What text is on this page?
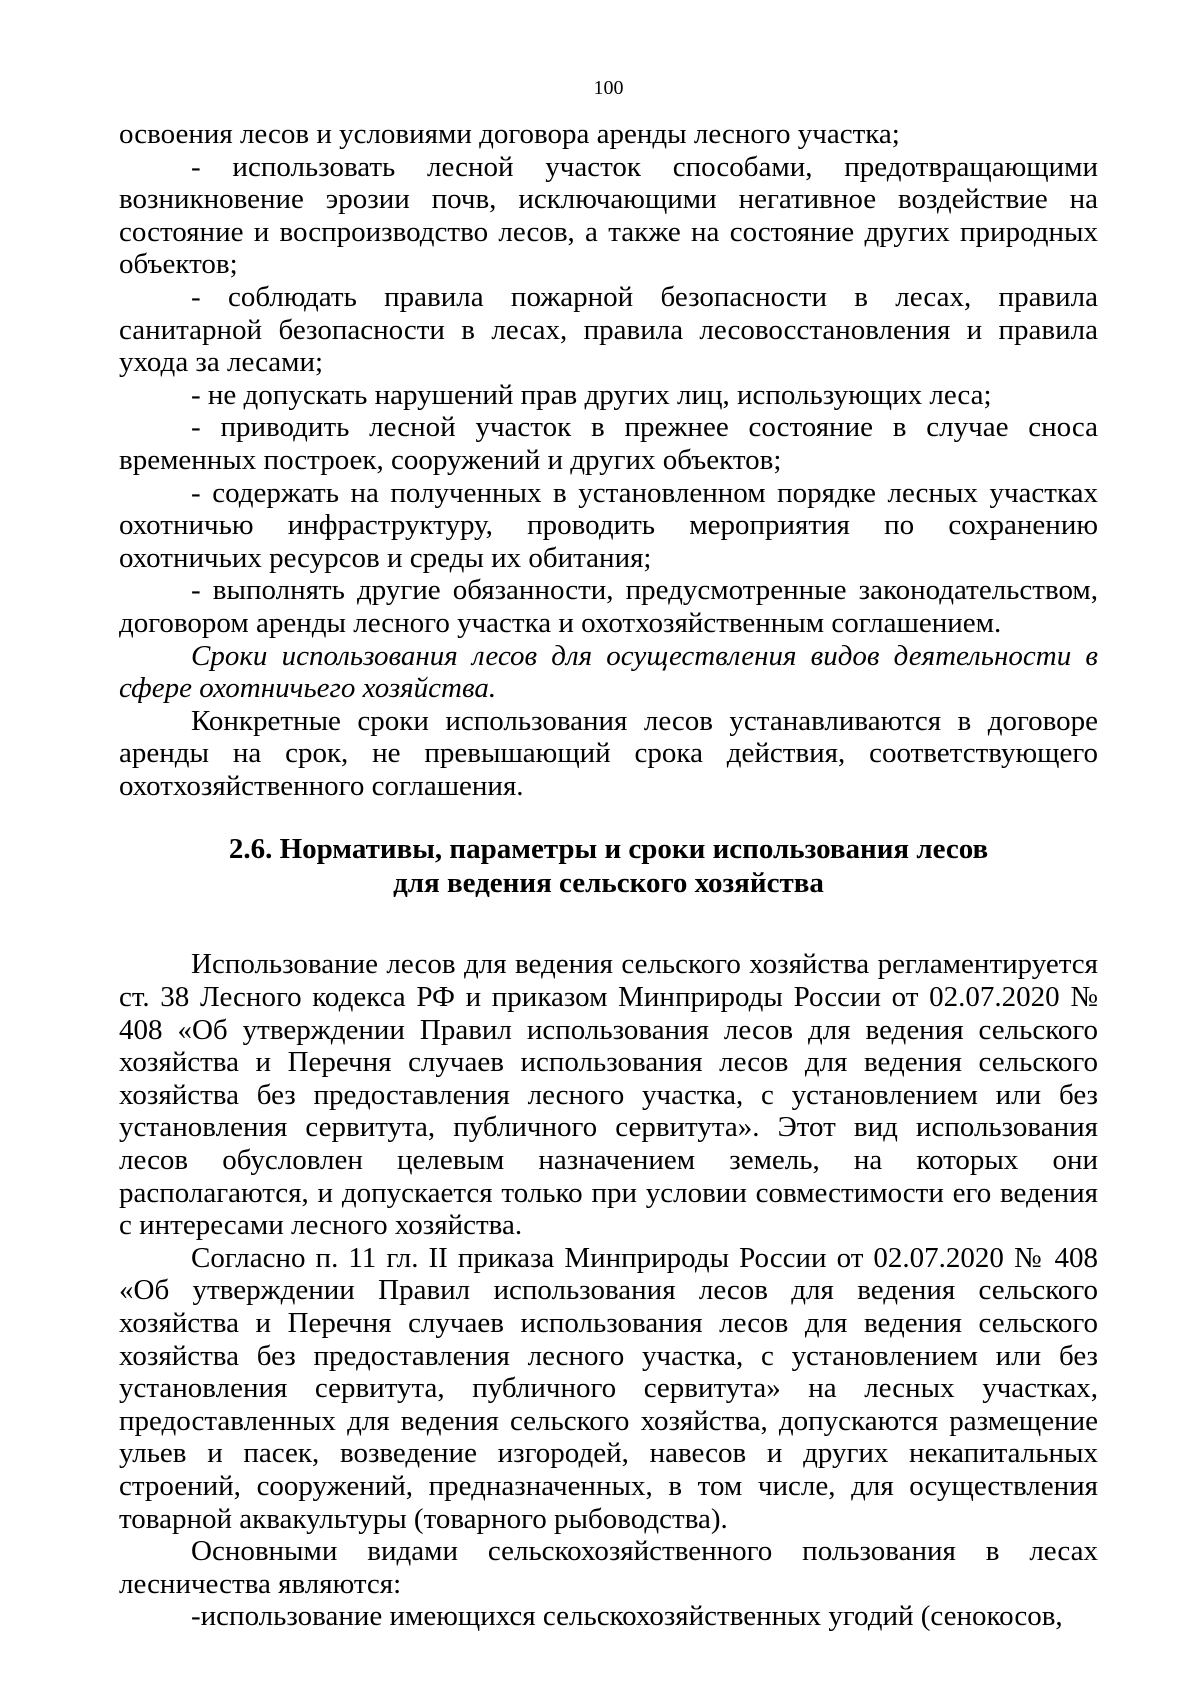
100

освоения лесов и условиями договора аренды лесного участка;

- использовать лесной участок способами, предотвращающими возникновение эрозии почв, исключающими негативное воздействие на состояние и воспроизводство лесов, а также на состояние других природных объектов;

- соблюдать правила пожарной безопасности в лесах, правила санитарной безопасности в лесах, правила лесовосстановления и правила ухода за лесами;

- не допускать нарушений прав других лиц, использующих леса;

- приводить лесной участок в прежнее состояние в случае сноса временных построек, сооружений и других объектов;

- содержать на полученных в установленном порядке лесных участках охотничью инфраструктуру, проводить мероприятия по сохранению охотничьих ресурсов и среды их обитания;

- выполнять другие обязанности, предусмотренные законодательством, договором аренды лесного участка и охотхозяйственным соглашением.

Сроки использования лесов для осуществления видов деятельности в сфере охотничьего хозяйства.

Конкретные сроки использования лесов устанавливаются в договоре аренды на срок, не превышающий срока действия, соответствующего охотхозяйственного соглашения.

2.6. Нормативы, параметры и сроки использования лесов

для ведения сельского хозяйства

Использование лесов для ведения сельского хозяйства регламентируется ст. 38 Лесного кодекса РФ и приказом Минприроды России от 02.07.2020 № 408 «Об утверждении Правил использования лесов для ведения сельского хозяйства и Перечня случаев использования лесов для ведения сельского хозяйства без предоставления лесного участка, с установлением или без установления сервитута, публичного сервитута». Этот вид использования лесов обусловлен целевым назначением земель, на которых они располагаются, и допускается только при условии совместимости его ведения с интересами лесного хозяйства.

Согласно п. 11 гл. II приказа Минприроды России от 02.07.2020 № 408 «Об утверждении Правил использования лесов для ведения сельского хозяйства и Перечня случаев использования лесов для ведения сельского хозяйства без предоставления лесного участка, с установлением или без установления сервитута, публичного сервитута» на лесных участках, предоставленных для ведения сельского хозяйства, допускаются размещение ульев и пасек, возведение изгородей, навесов и других некапитальных строений, сооружений, предназначенных, в том числе, для осуществления товарной аквакультуры (товарного рыбоводства).

Основными видами сельскохозяйственного пользования в лесах лесничества являются:

-использование имеющихся сельскохозяйственных угодий (сенокосов,
